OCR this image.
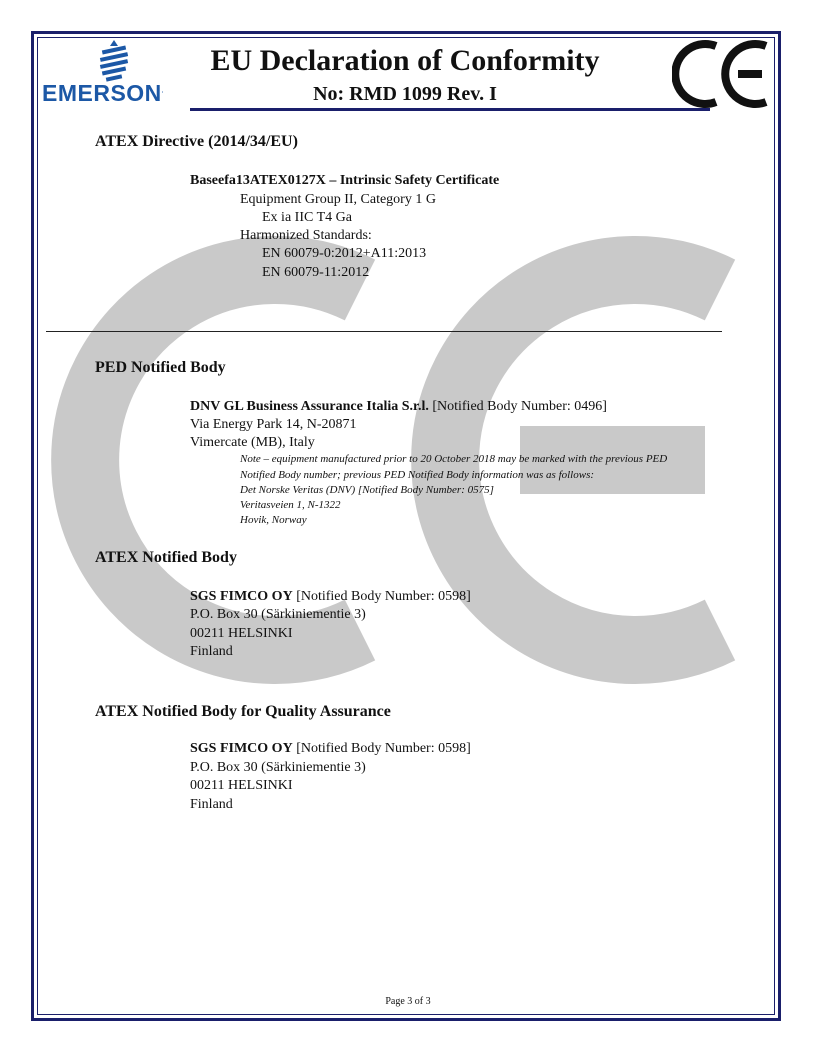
EMERSON.
EU Declaration of Conformity
No: RMD 1099 Rev. I
ATEX Directive (2014/34/EU)
Baseefa13ATEX0127X – Intrinsic Safety Certificate
Equipment Group II, Category 1 G
Ex ia IIC T4 Ga
Harmonized Standards:
EN 60079-0:2012+A11:2013
EN 60079-11:2012
PED Notified Body
DNV GL Business Assurance Italia S.r.l. [Notified Body Number: 0496]
Via Energy Park 14, N-20871
Vimercate (MB), Italy
Note – equipment manufactured prior to 20 October 2018 may be marked with the previous PED
Notified Body number; previous PED Notified Body information was as follows:
Det Norske Veritas (DNV) [Notified Body Number: 0575]
Veritasveien 1, N-1322
Hovik, Norway
ATEX Notified Body
SGS FIMCO OY [Notified Body Number: 0598]
P.O. Box 30 (Särkiniementie 3)
00211 HELSINKI
Finland
ATEX Notified Body for Quality Assurance
SGS FIMCO OY [Notified Body Number: 0598]
P.O. Box 30 (Särkiniementie 3)
00211 HELSINKI
Finland
Page 3 of 3
